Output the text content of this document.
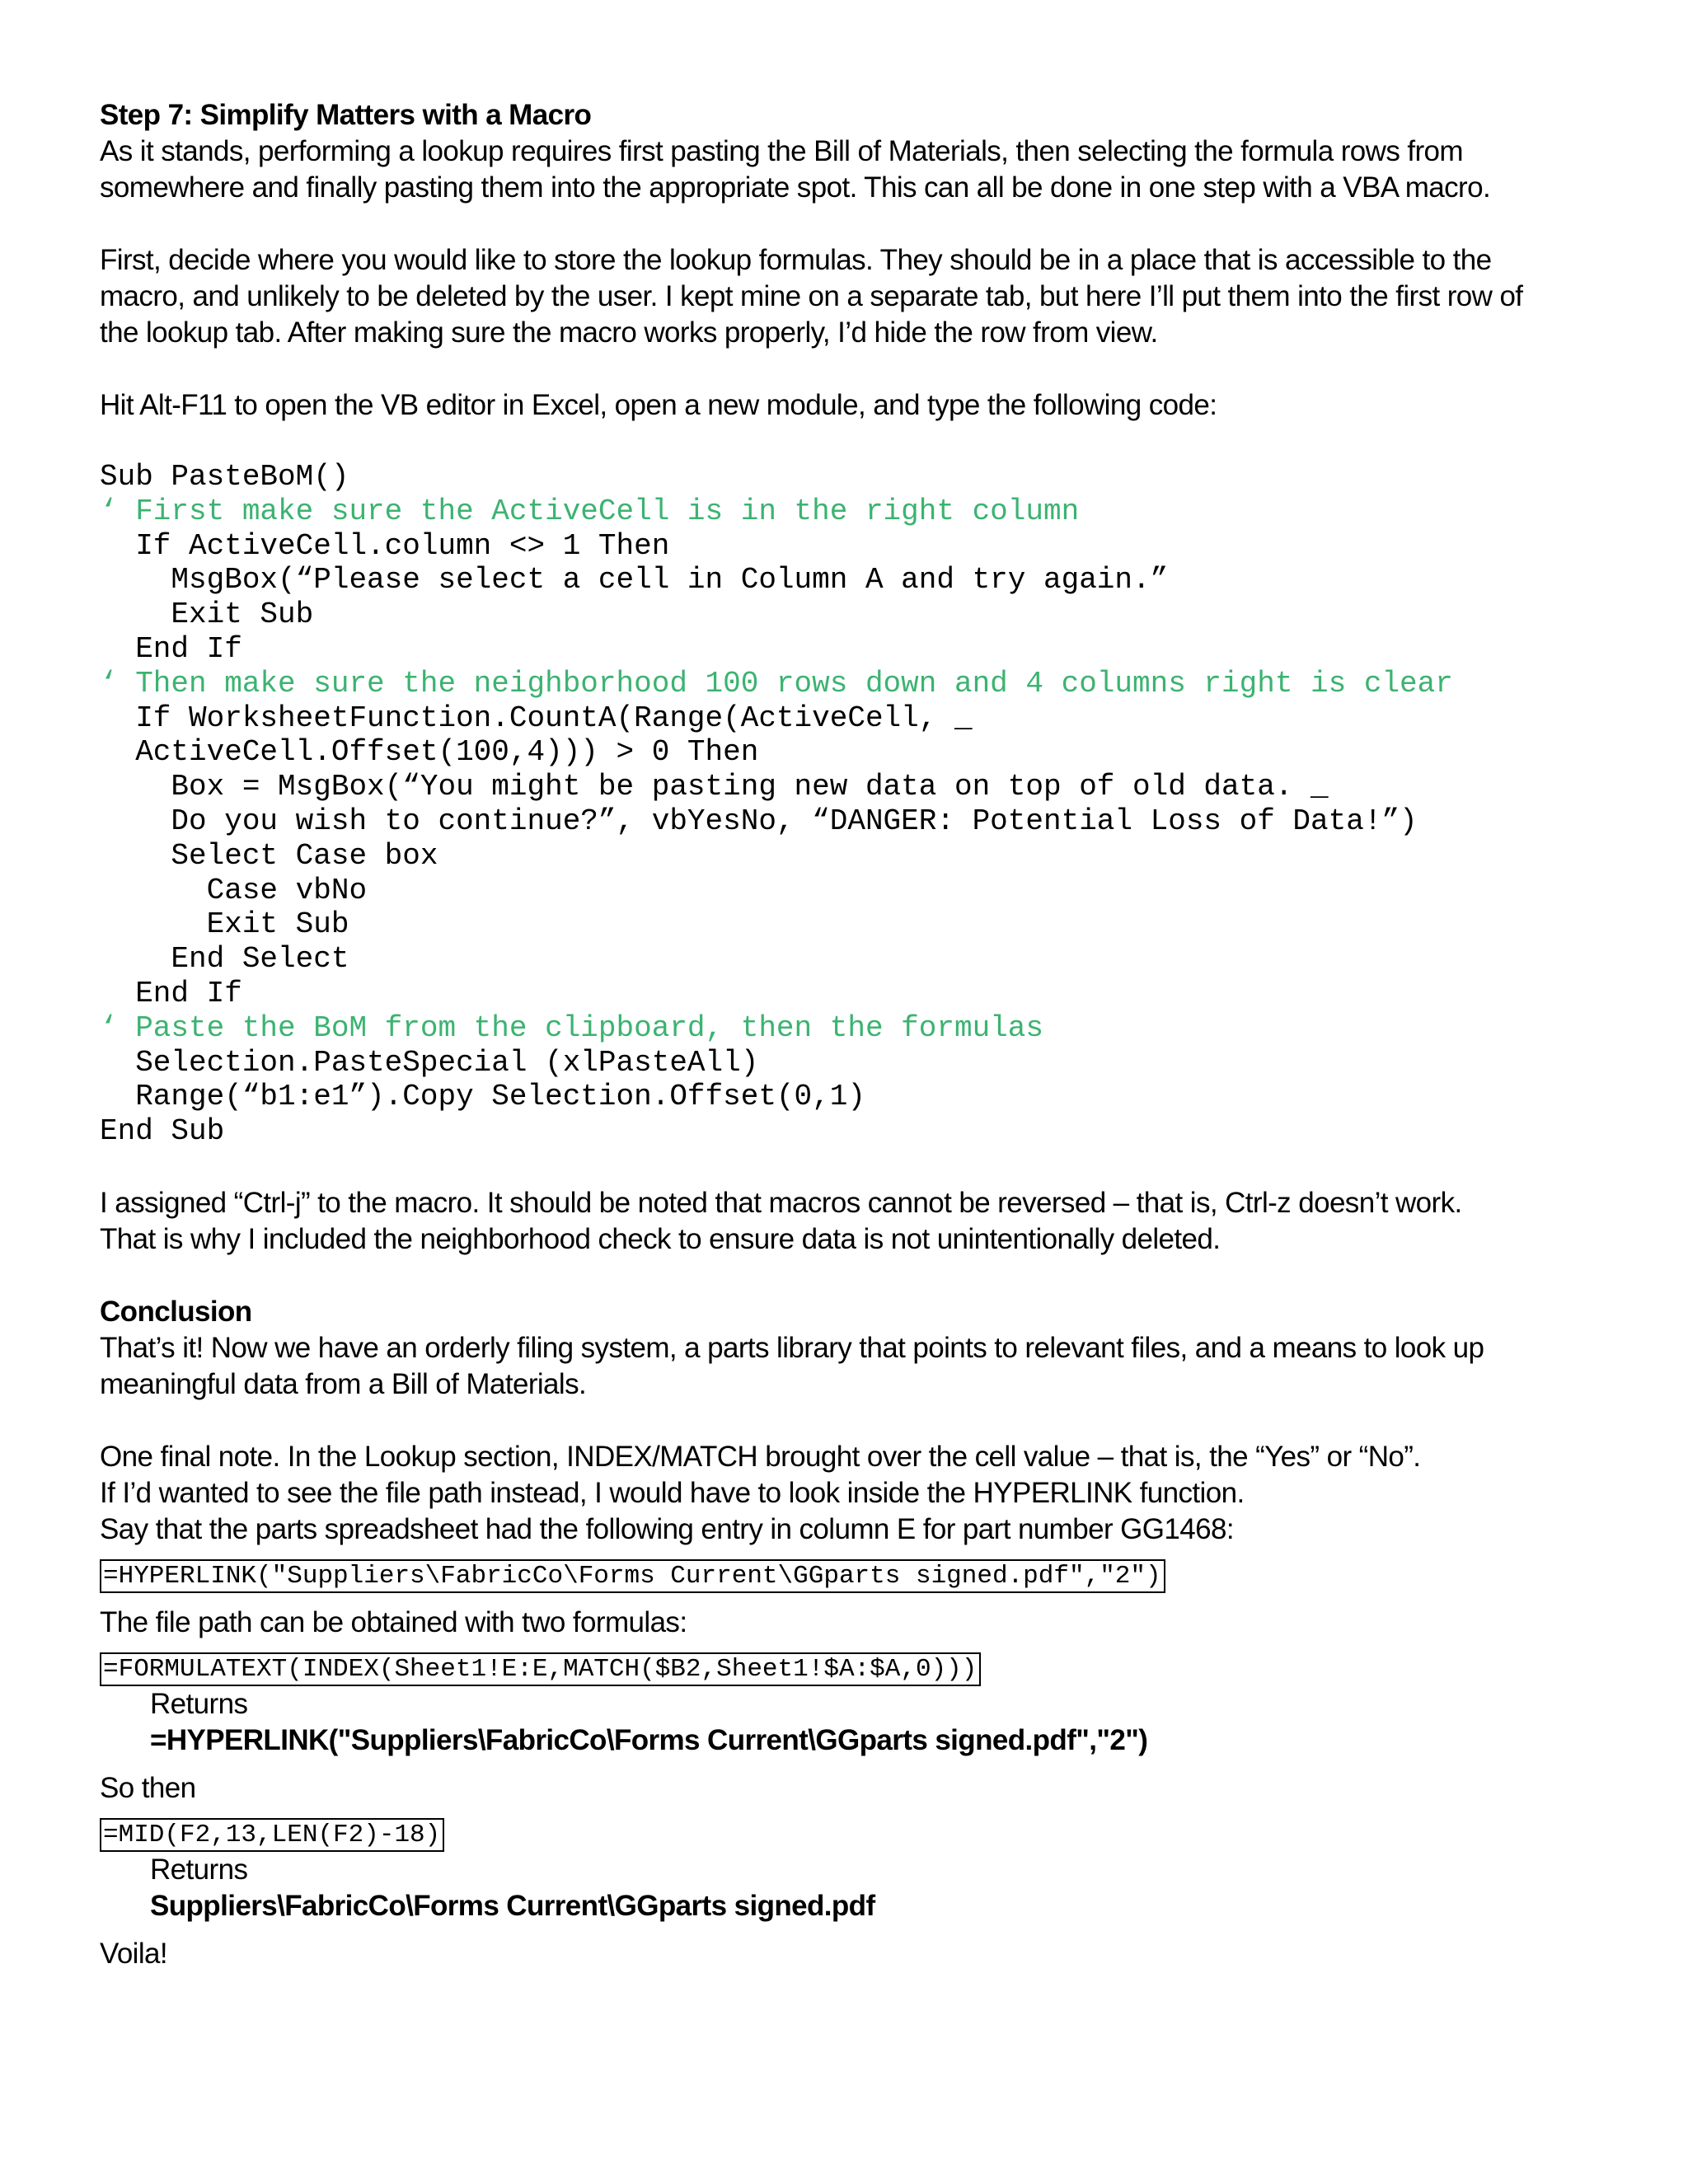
Step 7: Simplify Matters with a Macro
As it stands, performing a lookup requires first pasting the Bill of Materials, then selecting the formula rows from
somewhere and finally pasting them into the appropriate spot. This can all be done in one step with a VBA macro.
First, decide where you would like to store the lookup formulas. They should be in a place that is accessible to the
macro, and unlikely to be deleted by the user. I kept mine on a separate tab, but here I’ll put them into the first row of
the lookup tab. After making sure the macro works properly, I’d hide the row from view.
Hit Alt-F11 to open the VB editor in Excel, open a new module, and type the following code:
Sub PasteBoM()
‘ First make sure the ActiveCell is in the right column
If ActiveCell.column <> 1 Then
MsgBox(“Please select a cell in Column A and try again.”
Exit Sub
End If
‘ Then make sure the neighborhood 100 rows down and 4 columns right is clear
If WorksheetFunction.CountA(Range(ActiveCell, _
ActiveCell.Offset(100,4))) > 0 Then
Box = MsgBox(“You might be pasting new data on top of old data. _
Do you wish to continue?”, vbYesNo, “DANGER: Potential Loss of Data!”)
Select Case box
Case vbNo
Exit Sub
End Select
End If
‘ Paste the BoM from the clipboard, then the formulas
Selection.PasteSpecial (xlPasteAll)
Range(“b1:e1”).Copy Selection.Offset(0,1)
End Sub
I assigned “Ctrl-j” to the macro. It should be noted that macros cannot be reversed – that is, Ctrl-z doesn’t work.
That is why I included the neighborhood check to ensure data is not unintentionally deleted.
Conclusion
That’s it! Now we have an orderly filing system, a parts library that points to relevant files, and a means to look up
meaningful data from a Bill of Materials.
One final note. In the Lookup section, INDEX/MATCH brought over the cell value – that is, the “Yes” or “No”.
If I’d wanted to see the file path instead, I would have to look inside the HYPERLINK function.
Say that the parts spreadsheet had the following entry in column E for part number GG1468:
=HYPERLINK("Suppliers\FabricCo\Forms Current\GGparts signed.pdf","2")
The file path can be obtained with two formulas:
=FORMULATEXT(INDEX(Sheet1!E:E,MATCH($B2,Sheet1!$A:$A,0)))
Returns
=HYPERLINK("Suppliers\FabricCo\Forms Current\GGparts signed.pdf","2")
So then
=MID(F2,13,LEN(F2)-18)
Returns
Suppliers\FabricCo\Forms Current\GGparts signed.pdf
Voila!
